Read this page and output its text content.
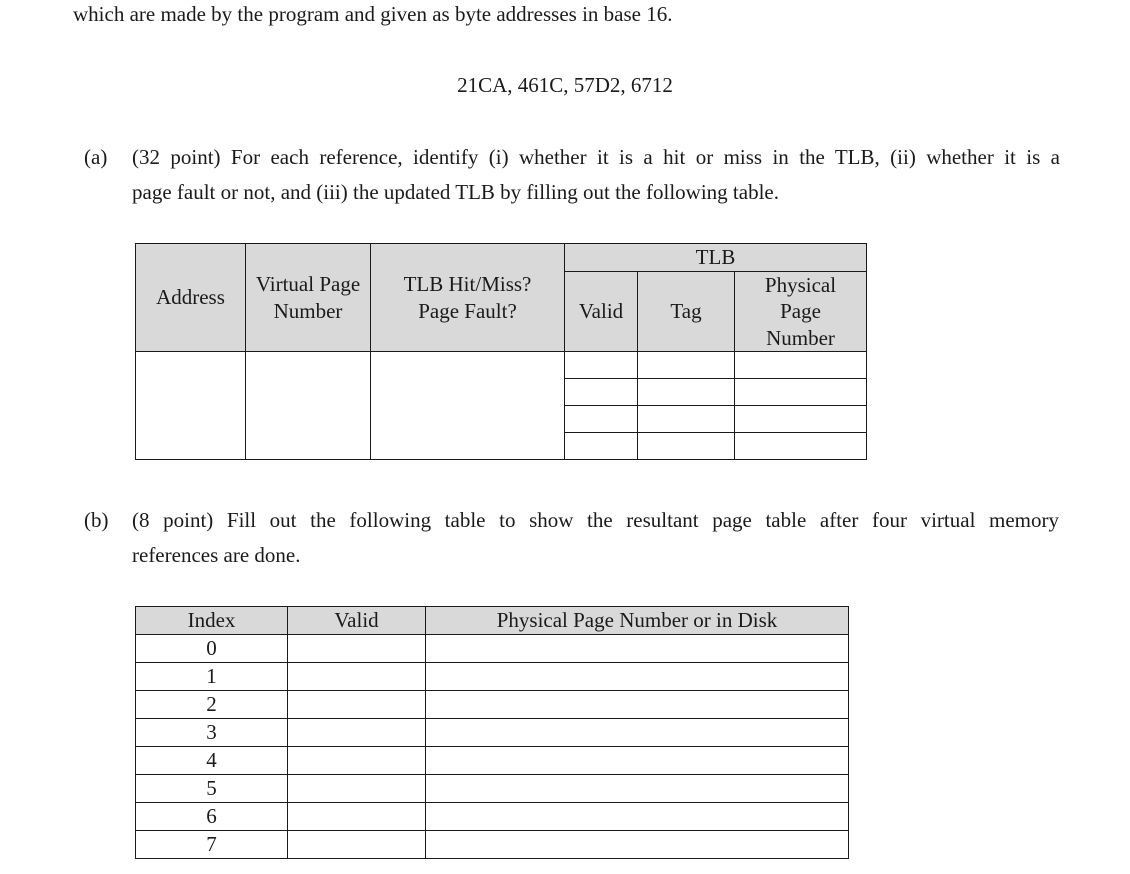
which are made by the program and given as byte addresses in base 16.
21CA, 461C, 57D2, 6712
(a) (32 point) For each reference, identify (i) whether it is a hit or miss in the TLB, (ii) whether it is a
page fault or not, and (iii) the updated TLB by filling out the following table.
Address	Virtual Page Number	TLB Hit/Miss? Page Fault?	TLB		
			Valid	Tag	Physical Page Number

(b) (8 point) Fill out the following table to show the resultant page table after four virtual memory
references are done.
Index	Valid	Physical Page Number or in Disk
0		
1		
2		
3		
4		
5		
6		
7		
